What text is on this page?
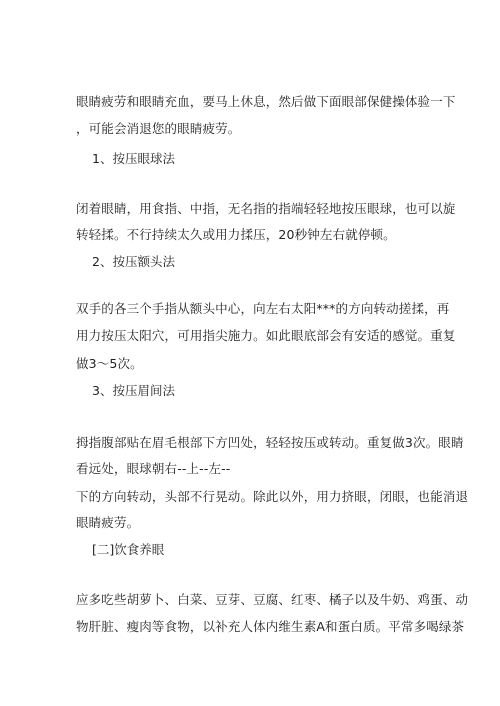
眼睛疲劳和眼睛充血，要马上休息，然后做下面眼部保健操体验一下
，可能会消退您的眼睛疲劳。
1、按压眼球法
闭着眼睛，用食指、中指，无名指的指端轻轻地按压眼球，也可以旋
转轻揉。不行持续太久或用力揉压，20秒钟左右就停顿。
2、按压额头法
双手的各三个手指从额头中心，向左右太阳***的方向转动搓揉，再
用力按压太阳穴，可用指尖施力。如此眼底部会有安适的感觉。重复
做3～5次。
3、按压眉间法
拇指腹部贴在眉毛根部下方凹处，轻轻按压或转动。重复做3次。眼睛
看远处，眼球朝右--上--左--
下的方向转动，头部不行晃动。除此以外，用力挤眼，闭眼，也能消退
眼睛疲劳。
[二]饮食养眼
应多吃些胡萝卜、白菜、豆芽、豆腐、红枣、橘子以及牛奶、鸡蛋、动
物肝脏、瘦肉等食物，以补充人体内维生素A和蛋白质。平常多喝绿茶
